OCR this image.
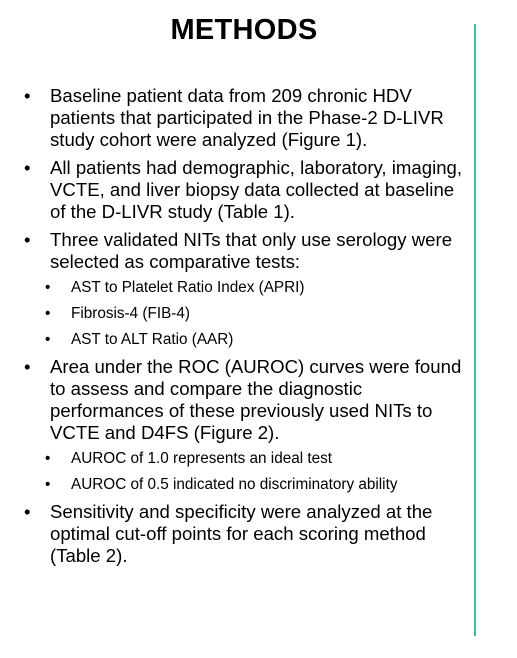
METHODS

• Baseline patient data from 209 chronic HDV patients that participated in the Phase-2 D-LIVR study cohort were analyzed (Figure 1).

• All patients had demographic, laboratory, imaging, VCTE, and liver biopsy data collected at baseline of the D-LIVR study (Table 1).

• Three validated NITs that only use serology were selected as comparative tests:

• AST to Platelet Ratio Index (APRI)

• Fibrosis-4 (FIB-4)

• AST to ALT Ratio (AAR)

• Area under the ROC (AUROC) curves were found to assess and compare the diagnostic performances of these previously used NITs to VCTE and D4FS (Figure 2).

• AUROC of 1.0 represents an ideal test

• AUROC of 0.5 indicated no discriminatory ability

• Sensitivity and specificity were analyzed at the optimal cut-off points for each scoring method (Table 2).
